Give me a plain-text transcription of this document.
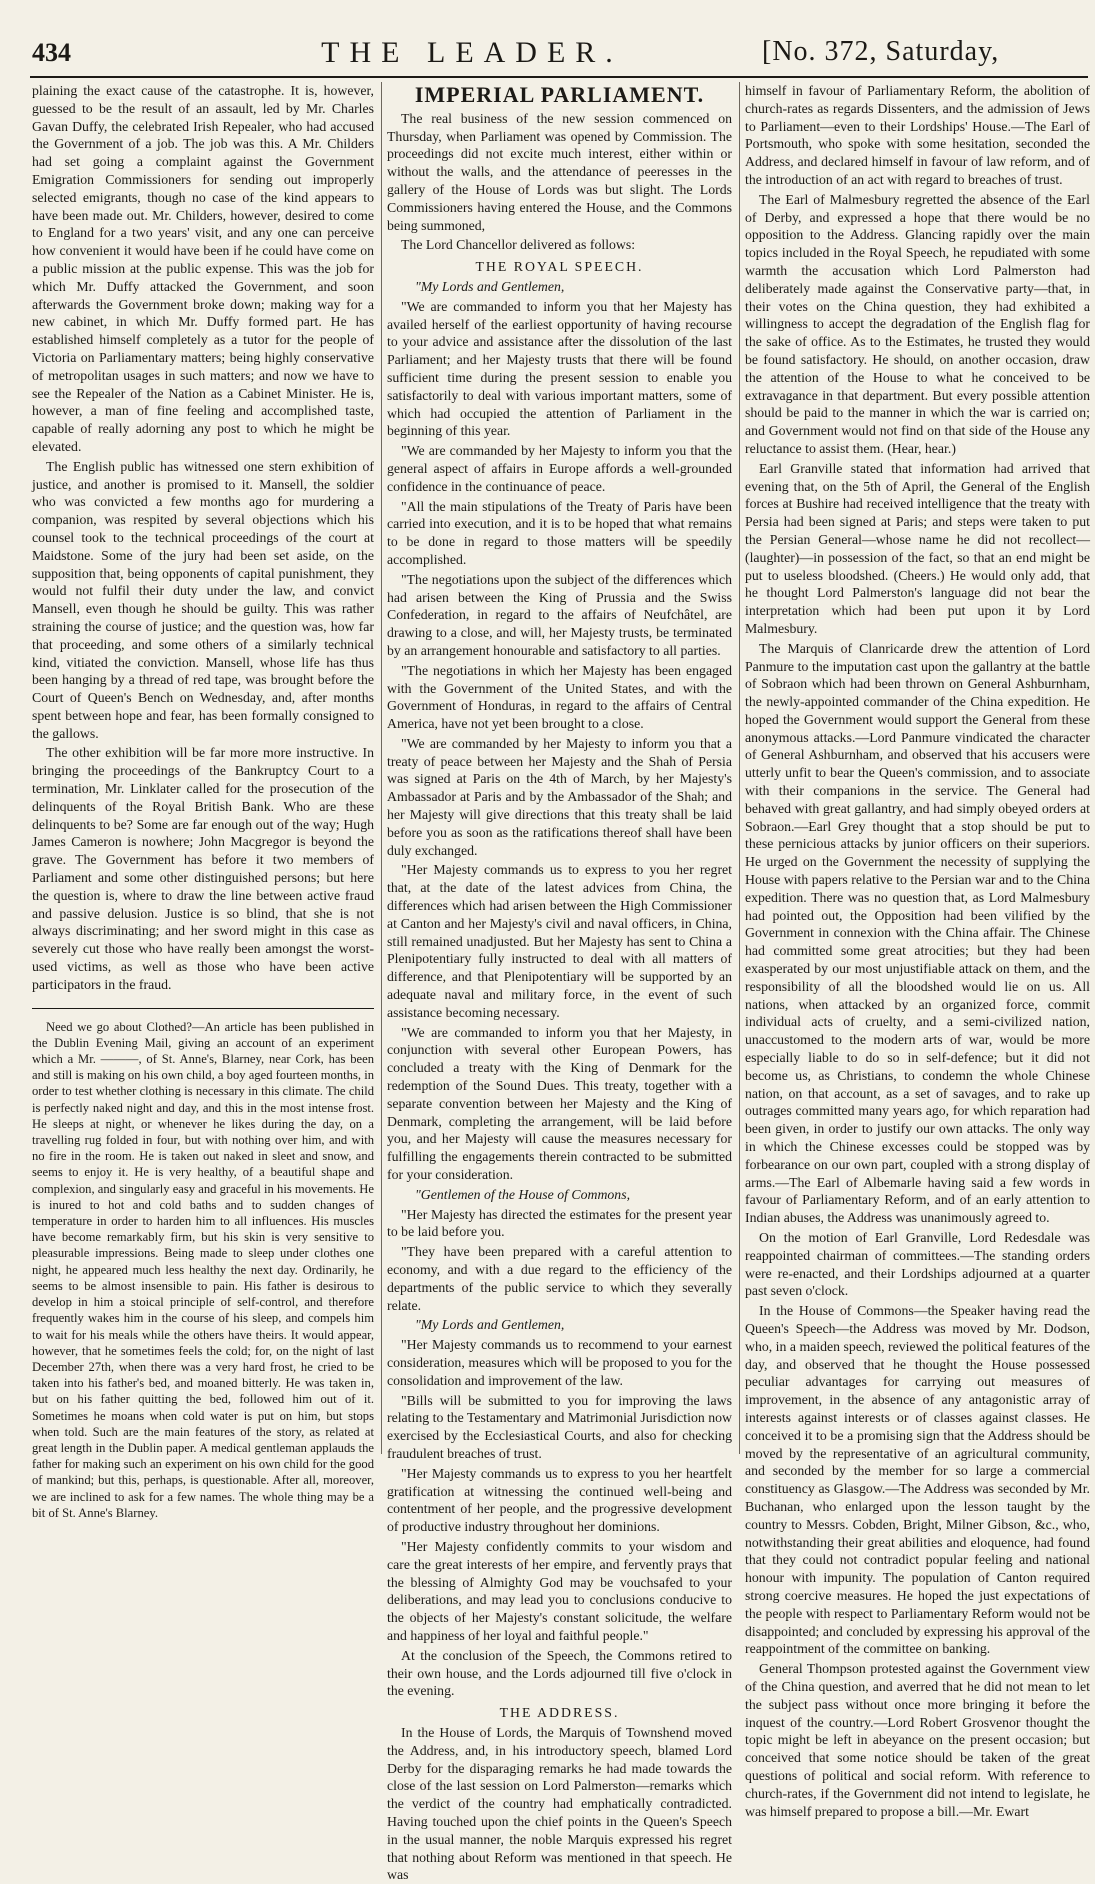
434	THE LEADER.	[No. 372, Saturday,

plaining the exact cause of the catastrophe. It is, however, guessed to be the result of an assault, led by Mr. Charles Gavan Duffy, the celebrated Irish Repealer, who had accused the Government of a job. The job was this. A Mr. Childers had set going a complaint against the Government Emigration Commissioners for sending out improperly selected emigrants, though no case of the kind appears to have been made out. Mr. Childers, however, desired to come to England for a two years' visit, and any one can perceive how convenient it would have been if he could have come on a public mission at the public expense. This was the job for which Mr. Duffy attacked the Government, and soon afterwards the Government broke down; making way for a new cabinet, in which Mr. Duffy formed part. He has established himself completely as a tutor for the people of Victoria on Parliamentary matters; being highly conservative of metropolitan usages in such matters; and now we have to see the Repealer of the Nation as a Cabinet Minister. He is, however, a man of fine feeling and accomplished taste, capable of really adorning any post to which he might be elevated.

The English public has witnessed one stern exhibition of justice, and another is promised to it. Mansell, the soldier who was convicted a few months ago for murdering a companion, was respited by several objections which his counsel took to the technical proceedings of the court at Maidstone. Some of the jury had been set aside, on the supposition that, being opponents of capital punishment, they would not fulfil their duty under the law, and convict Mansell, even though he should be guilty. This was rather straining the course of justice; and the question was, how far that proceeding, and some others of a similarly technical kind, vitiated the conviction. Mansell, whose life has thus been hanging by a thread of red tape, was brought before the Court of Queen's Bench on Wednesday, and, after months spent between hope and fear, has been formally consigned to the gallows.

The other exhibition will be far more more instructive. In bringing the proceedings of the Bankruptcy Court to a termination, Mr. Linklater called for the prosecution of the delinquents of the Royal British Bank. Who are these delinquents to be? Some are far enough out of the way; Hugh James Cameron is nowhere; John Macgregor is beyond the grave. The Government has before it two members of Parliament and some other distinguished persons; but here the question is, where to draw the line between active fraud and passive delusion. Justice is so blind, that she is not always discriminating; and her sword might in this case as severely cut those who have really been amongst the worst-used victims, as well as those who have been active participators in the fraud.

Need we go about Clothed?—An article has been published in the Dublin Evening Mail, giving an account of an experiment which a Mr. ———, of St. Anne's, Blarney, near Cork, has been and still is making on his own child, a boy aged fourteen months, in order to test whether clothing is necessary in this climate. The child is perfectly naked night and day, and this in the most intense frost. He sleeps at night, or whenever he likes during the day, on a travelling rug folded in four, but with nothing over him, and with no fire in the room. He is taken out naked in sleet and snow, and seems to enjoy it. He is very healthy, of a beautiful shape and complexion, and singularly easy and graceful in his movements. He is inured to hot and cold baths and to sudden changes of temperature in order to harden him to all influences. His muscles have become remarkably firm, but his skin is very sensitive to pleasurable impressions. Being made to sleep under clothes one night, he appeared much less healthy the next day. Ordinarily, he seems to be almost insensible to pain. His father is desirous to develop in him a stoical principle of self-control, and therefore frequently wakes him in the course of his sleep, and compels him to wait for his meals while the others have theirs. It would appear, however, that he sometimes feels the cold; for, on the night of last December 27th, when there was a very hard frost, he cried to be taken into his father's bed, and moaned bitterly. He was taken in, but on his father quitting the bed, followed him out of it. Sometimes he moans when cold water is put on him, but stops when told. Such are the main features of the story, as related at great length in the Dublin paper. A medical gentleman applauds the father for making such an experiment on his own child for the good of mankind; but this, perhaps, is questionable. After all, moreover, we are inclined to ask for a few names. The whole thing may be a bit of St. Anne's Blarney.

IMPERIAL PARLIAMENT.

The real business of the new session commenced on Thursday, when Parliament was opened by Commission. The proceedings did not excite much interest, either within or without the walls, and the attendance of peeresses in the gallery of the House of Lords was but slight. The Lords Commissioners having entered the House, and the Commons being summoned,

The Lord Chancellor delivered as follows:

THE ROYAL SPEECH.

"My Lords and Gentlemen,

"We are commanded to inform you that her Majesty has availed herself of the earliest opportunity of having recourse to your advice and assistance after the dissolution of the last Parliament; and her Majesty trusts that there will be found sufficient time during the present session to enable you satisfactorily to deal with various important matters, some of which had occupied the attention of Parliament in the beginning of this year.

"We are commanded by her Majesty to inform you that the general aspect of affairs in Europe affords a well-grounded confidence in the continuance of peace.

"All the main stipulations of the Treaty of Paris have been carried into execution, and it is to be hoped that what remains to be done in regard to those matters will be speedily accomplished.

"The negotiations upon the subject of the differences which had arisen between the King of Prussia and the Swiss Confederation, in regard to the affairs of Neufchâtel, are drawing to a close, and will, her Majesty trusts, be terminated by an arrangement honourable and satisfactory to all parties.

"The negotiations in which her Majesty has been engaged with the Government of the United States, and with the Government of Honduras, in regard to the affairs of Central America, have not yet been brought to a close.

"We are commanded by her Majesty to inform you that a treaty of peace between her Majesty and the Shah of Persia was signed at Paris on the 4th of March, by her Majesty's Ambassador at Paris and by the Ambassador of the Shah; and her Majesty will give directions that this treaty shall be laid before you as soon as the ratifications thereof shall have been duly exchanged.

"Her Majesty commands us to express to you her regret that, at the date of the latest advices from China, the differences which had arisen between the High Commissioner at Canton and her Majesty's civil and naval officers, in China, still remained unadjusted. But her Majesty has sent to China a Plenipotentiary fully instructed to deal with all matters of difference, and that Plenipotentiary will be supported by an adequate naval and military force, in the event of such assistance becoming necessary.

"We are commanded to inform you that her Majesty, in conjunction with several other European Powers, has concluded a treaty with the King of Denmark for the redemption of the Sound Dues. This treaty, together with a separate convention between her Majesty and the King of Denmark, completing the arrangement, will be laid before you, and her Majesty will cause the measures necessary for fulfilling the engagements therein contracted to be submitted for your consideration.

"Gentlemen of the House of Commons,

"Her Majesty has directed the estimates for the present year to be laid before you.

"They have been prepared with a careful attention to economy, and with a due regard to the efficiency of the departments of the public service to which they severally relate.

"My Lords and Gentlemen,

"Her Majesty commands us to recommend to your earnest consideration, measures which will be proposed to you for the consolidation and improvement of the law.

"Bills will be submitted to you for improving the laws relating to the Testamentary and Matrimonial Jurisdiction now exercised by the Ecclesiastical Courts, and also for checking fraudulent breaches of trust.

"Her Majesty commands us to express to you her heartfelt gratification at witnessing the continued well-being and contentment of her people, and the progressive development of productive industry throughout her dominions.

"Her Majesty confidently commits to your wisdom and care the great interests of her empire, and fervently prays that the blessing of Almighty God may be vouchsafed to your deliberations, and may lead you to conclusions conducive to the objects of her Majesty's constant solicitude, the welfare and happiness of her loyal and faithful people."

At the conclusion of the Speech, the Commons retired to their own house, and the Lords adjourned till five o'clock in the evening.

THE ADDRESS.

In the House of Lords, the Marquis of Townshend moved the Address, and, in his introductory speech, blamed Lord Derby for the disparaging remarks he had made towards the close of the last session on Lord Palmerston—remarks which the verdict of the country had emphatically contradicted. Having touched upon the chief points in the Queen's Speech in the usual manner, the noble Marquis expressed his regret that nothing about Reform was mentioned in that speech. He was

himself in favour of Parliamentary Reform, the abolition of church-rates as regards Dissenters, and the admission of Jews to Parliament—even to their Lordships' House.—The Earl of Portsmouth, who spoke with some hesitation, seconded the Address, and declared himself in favour of law reform, and of the introduction of an act with regard to breaches of trust.

The Earl of Malmesbury regretted the absence of the Earl of Derby, and expressed a hope that there would be no opposition to the Address. Glancing rapidly over the main topics included in the Royal Speech, he repudiated with some warmth the accusation which Lord Palmerston had deliberately made against the Conservative party—that, in their votes on the China question, they had exhibited a willingness to accept the degradation of the English flag for the sake of office. As to the Estimates, he trusted they would be found satisfactory. He should, on another occasion, draw the attention of the House to what he conceived to be extravagance in that department. But every possible attention should be paid to the manner in which the war is carried on; and Government would not find on that side of the House any reluctance to assist them. (Hear, hear.)

Earl Granville stated that information had arrived that evening that, on the 5th of April, the General of the English forces at Bushire had received intelligence that the treaty with Persia had been signed at Paris; and steps were taken to put the Persian General—whose name he did not recollect—(laughter)—in possession of the fact, so that an end might be put to useless bloodshed. (Cheers.) He would only add, that he thought Lord Palmerston's language did not bear the interpretation which had been put upon it by Lord Malmesbury.

The Marquis of Clanricarde drew the attention of Lord Panmure to the imputation cast upon the gallantry at the battle of Sobraon which had been thrown on General Ashburnham, the newly-appointed commander of the China expedition. He hoped the Government would support the General from these anonymous attacks.—Lord Panmure vindicated the character of General Ashburnham, and observed that his accusers were utterly unfit to bear the Queen's commission, and to associate with their companions in the service. The General had behaved with great gallantry, and had simply obeyed orders at Sobraon.—Earl Grey thought that a stop should be put to these pernicious attacks by junior officers on their superiors. He urged on the Government the necessity of supplying the House with papers relative to the Persian war and to the China expedition. There was no question that, as Lord Malmesbury had pointed out, the Opposition had been vilified by the Government in connexion with the China affair. The Chinese had committed some great atrocities; but they had been exasperated by our most unjustifiable attack on them, and the responsibility of all the bloodshed would lie on us. All nations, when attacked by an organized force, commit individual acts of cruelty, and a semi-civilized nation, unaccustomed to the modern arts of war, would be more especially liable to do so in self-defence; but it did not become us, as Christians, to condemn the whole Chinese nation, on that account, as a set of savages, and to rake up outrages committed many years ago, for which reparation had been given, in order to justify our own attacks. The only way in which the Chinese excesses could be stopped was by forbearance on our own part, coupled with a strong display of arms.—The Earl of Albemarle having said a few words in favour of Parliamentary Reform, and of an early attention to Indian abuses, the Address was unanimously agreed to.

On the motion of Earl Granville, Lord Redesdale was reappointed chairman of committees.—The standing orders were re-enacted, and their Lordships adjourned at a quarter past seven o'clock.

In the House of Commons—the Speaker having read the Queen's Speech—the Address was moved by Mr. Dodson, who, in a maiden speech, reviewed the political features of the day, and observed that he thought the House possessed peculiar advantages for carrying out measures of improvement, in the absence of any antagonistic array of interests against interests or of classes against classes. He conceived it to be a promising sign that the Address should be moved by the representative of an agricultural community, and seconded by the member for so large a commercial constituency as Glasgow.—The Address was seconded by Mr. Buchanan, who enlarged upon the lesson taught by the country to Messrs. Cobden, Bright, Milner Gibson, &c., who, notwithstanding their great abilities and eloquence, had found that they could not contradict popular feeling and national honour with impunity. The population of Canton required strong coercive measures. He hoped the just expectations of the people with respect to Parliamentary Reform would not be disappointed; and concluded by expressing his approval of the reappointment of the committee on banking.

General Thompson protested against the Government view of the China question, and averred that he did not mean to let the subject pass without once more bringing it before the inquest of the country.—Lord Robert Grosvenor thought the topic might be left in abeyance on the present occasion; but conceived that some notice should be taken of the great questions of political and social reform. With reference to church-rates, if the Government did not intend to legislate, he was himself prepared to propose a bill.—Mr. Ewart
